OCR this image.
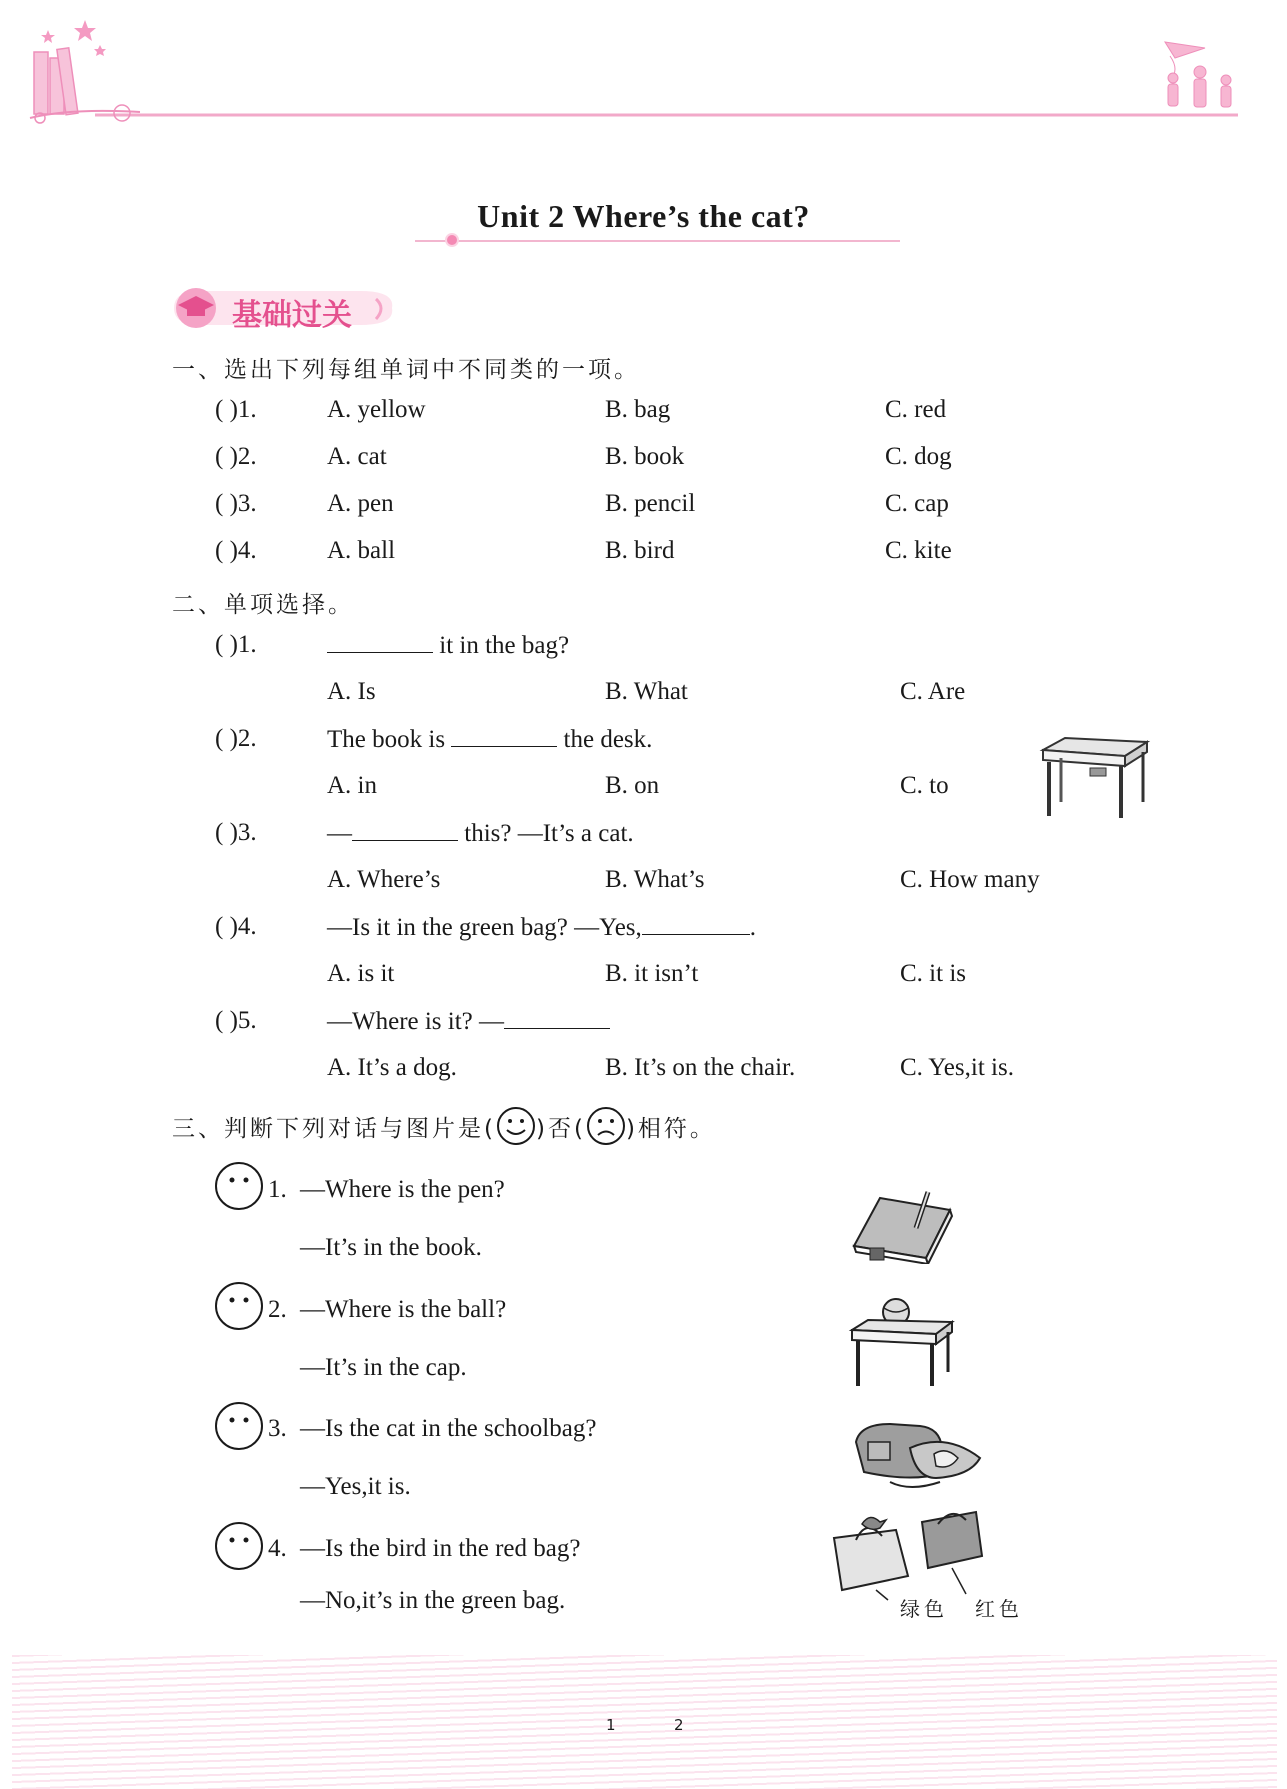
Unit 2 Where’s the cat?
基础过关
一、选出下列每组单词中不同类的一项。
( )1.	A. yellow	B. bag	C. red
( )2.	A. cat	B. book	C. dog
( )3.	A. pen	B. pencil	C. cap
( )4.	A. ball	B. bird	C. kite
二、单项选择。
( )1.	it in the bag?
A. Is	B. What	C. Are
( )2.	The book is	the desk.
A. in	B. on	C. to
( )3.	—	this? —It’s a cat.
A. Where’s	B. What’s	C. How many
( )4.	—Is it in the green bag? —Yes,	.
A. is it	B. it isn’t	C. it is
( )5.	—Where is it? —
A. It’s a dog.	B. It’s on the chair.	C. Yes,it is.
三、判断下列对话与图片是( )否( )相符。
1. —Where is the pen?
—It’s in the book.
2. —Where is the ball?
—It’s in the cap.
3. —Is the cat in the schoolbag?
—Yes,it is.
4. —Is the bird in the red bag?
—No,it’s in the green bag.	绿色 红色
1	2
